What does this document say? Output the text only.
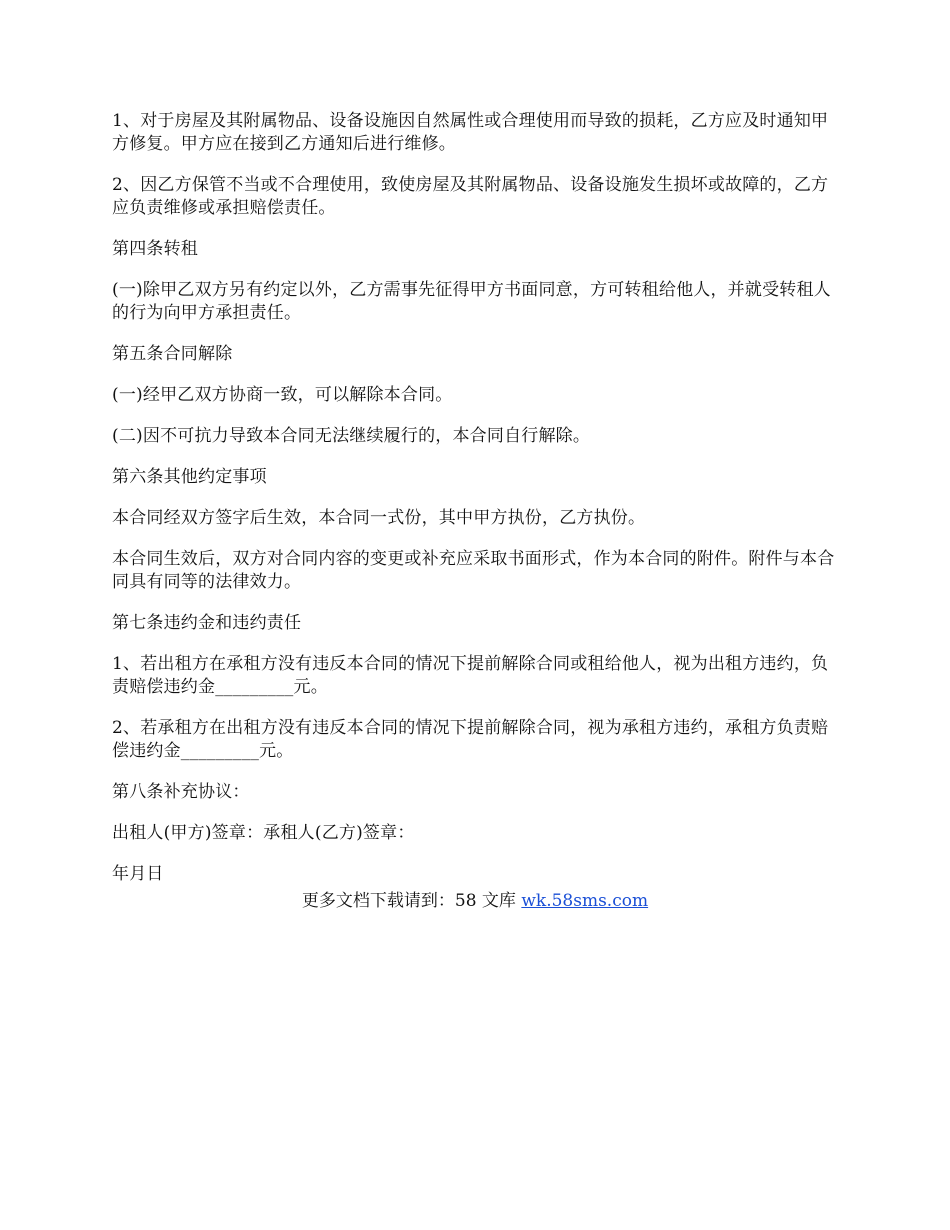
1、对于房屋及其附属物品、设备设施因自然属性或合理使用而导致的损耗，乙方应及时通知甲方修复。甲方应在接到乙方通知后进行维修。

2、因乙方保管不当或不合理使用，致使房屋及其附属物品、设备设施发生损坏或故障的，乙方应负责维修或承担赔偿责任。

第四条转租

(一)除甲乙双方另有约定以外，乙方需事先征得甲方书面同意，方可转租给他人，并就受转租人的行为向甲方承担责任。

第五条合同解除

(一)经甲乙双方协商一致，可以解除本合同。

(二)因不可抗力导致本合同无法继续履行的，本合同自行解除。

第六条其他约定事项

本合同经双方签字后生效，本合同一式份，其中甲方执份，乙方执份。

本合同生效后，双方对合同内容的变更或补充应采取书面形式，作为本合同的附件。附件与本合同具有同等的法律效力。

第七条违约金和违约责任

1、若出租方在承租方没有违反本合同的情况下提前解除合同或租给他人，视为出租方违约，负责赔偿违约金_________元。

2、若承租方在出租方没有违反本合同的情况下提前解除合同，视为承租方违约，承租方负责赔偿违约金_________元。

第八条补充协议：

出租人(甲方)签章：承租人(乙方)签章：

年月日

更多文档下载请到：58 文库 wk.58sms.com
